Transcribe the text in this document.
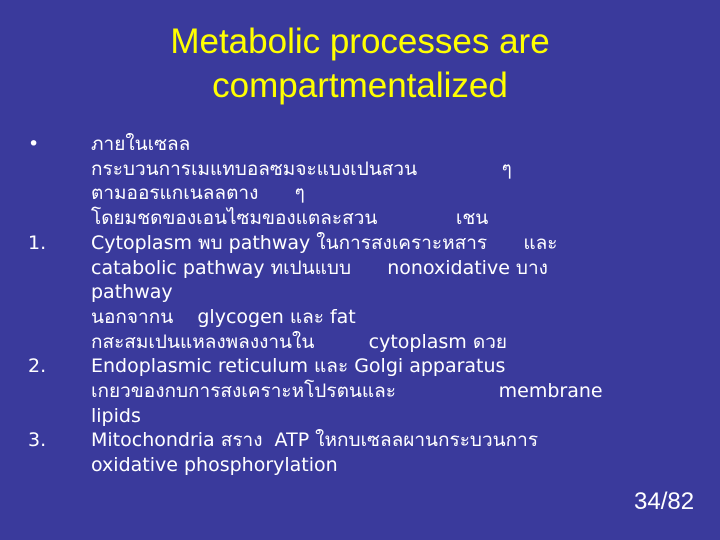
Metabolic processes are
compartmentalized
•	ภายในเซลล
กระบวนการเมแทบอลซมจะแบงเปนสวน              ๆ
ตามออรแกเนลลตาง      ๆ
โดยมชดของเอนไซมของแตละสวน             เชน
1.	Cytoplasm พบ pathway ในการสงเคราะหสาร      และ
catabolic pathway ทเปนแบบ      nonoxidative บาง
pathway
นอกจากน    glycogen และ fat
กสะสมเปนแหลงพลงงานใน         cytoplasm ดวย
2.	Endoplasmic reticulum และ Golgi apparatus
เกยวของกบการสงเคราะหโปรตนและ                 membrane
lipids
3.	Mitochondria สราง  ATP ใหกบเซลลผานกระบวนการ
oxidative phosphorylation
34/82
